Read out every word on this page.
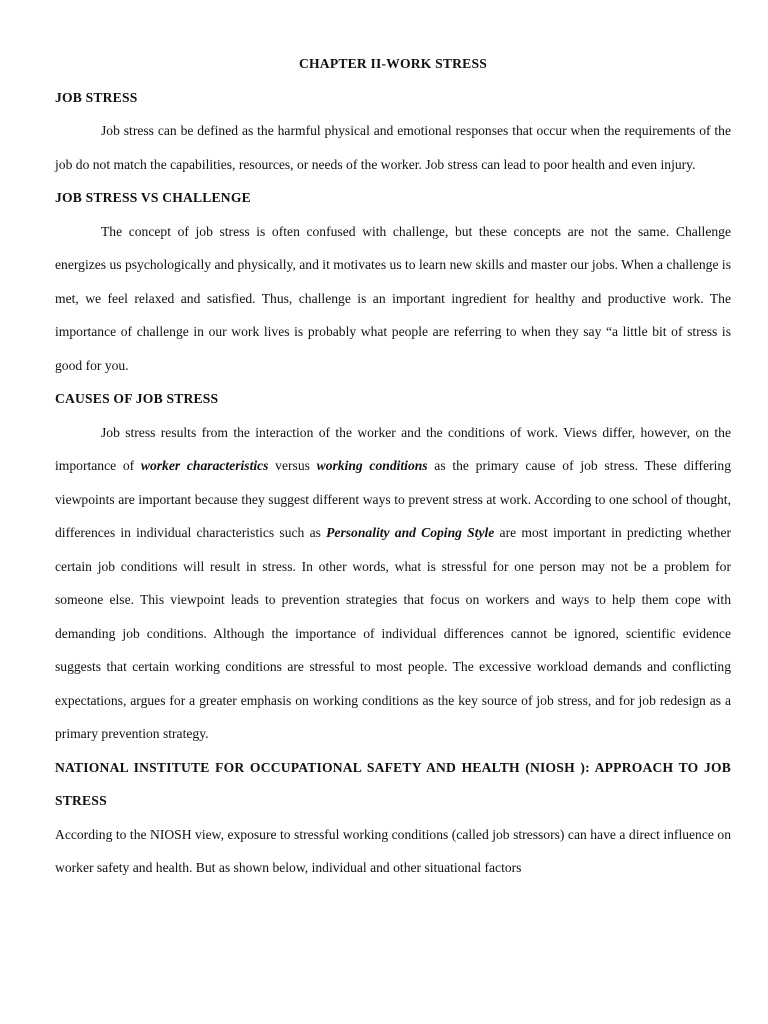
CHAPTER II-WORK STRESS
JOB STRESS

Job stress can be defined as the harmful physical and emotional responses that occur when the requirements of the job do not match the capabilities, resources, or needs of the worker. Job stress can lead to poor health and even injury.

JOB STRESS VS CHALLENGE

The concept of job stress is often confused with challenge, but these concepts are not the same. Challenge energizes us psychologically and physically, and it motivates us to learn new skills and master our jobs. When a challenge is met, we feel relaxed and satisfied. Thus, challenge is an important ingredient for healthy and productive work. The importance of challenge in our work lives is probably what people are referring to when they say “a little bit of stress is good for you.

CAUSES OF JOB STRESS

Job stress results from the interaction of the worker and the conditions of work. Views differ, however, on the importance of worker characteristics versus working conditions as the primary cause of job stress. These differing viewpoints are important because they suggest different ways to prevent stress at work. According to one school of thought, differences in individual characteristics such as Personality and Coping Style are most important in predicting whether certain job conditions will result in stress. In other words, what is stressful for one person may not be a problem for someone else. This viewpoint leads to prevention strategies that focus on workers and ways to help them cope with demanding job conditions. Although the importance of individual differences cannot be ignored, scientific evidence suggests that certain working conditions are stressful to most people. The excessive workload demands and conflicting expectations, argues for a greater emphasis on working conditions as the key source of job stress, and for job redesign as a primary prevention strategy.

NATIONAL INSTITUTE FOR OCCUPATIONAL SAFETY AND HEALTH (NIOSH ): APPROACH TO JOB STRESS

According to the NIOSH view, exposure to stressful working conditions (called job stressors) can have a direct influence on worker safety and health. But as shown below, individual and other situational factors
